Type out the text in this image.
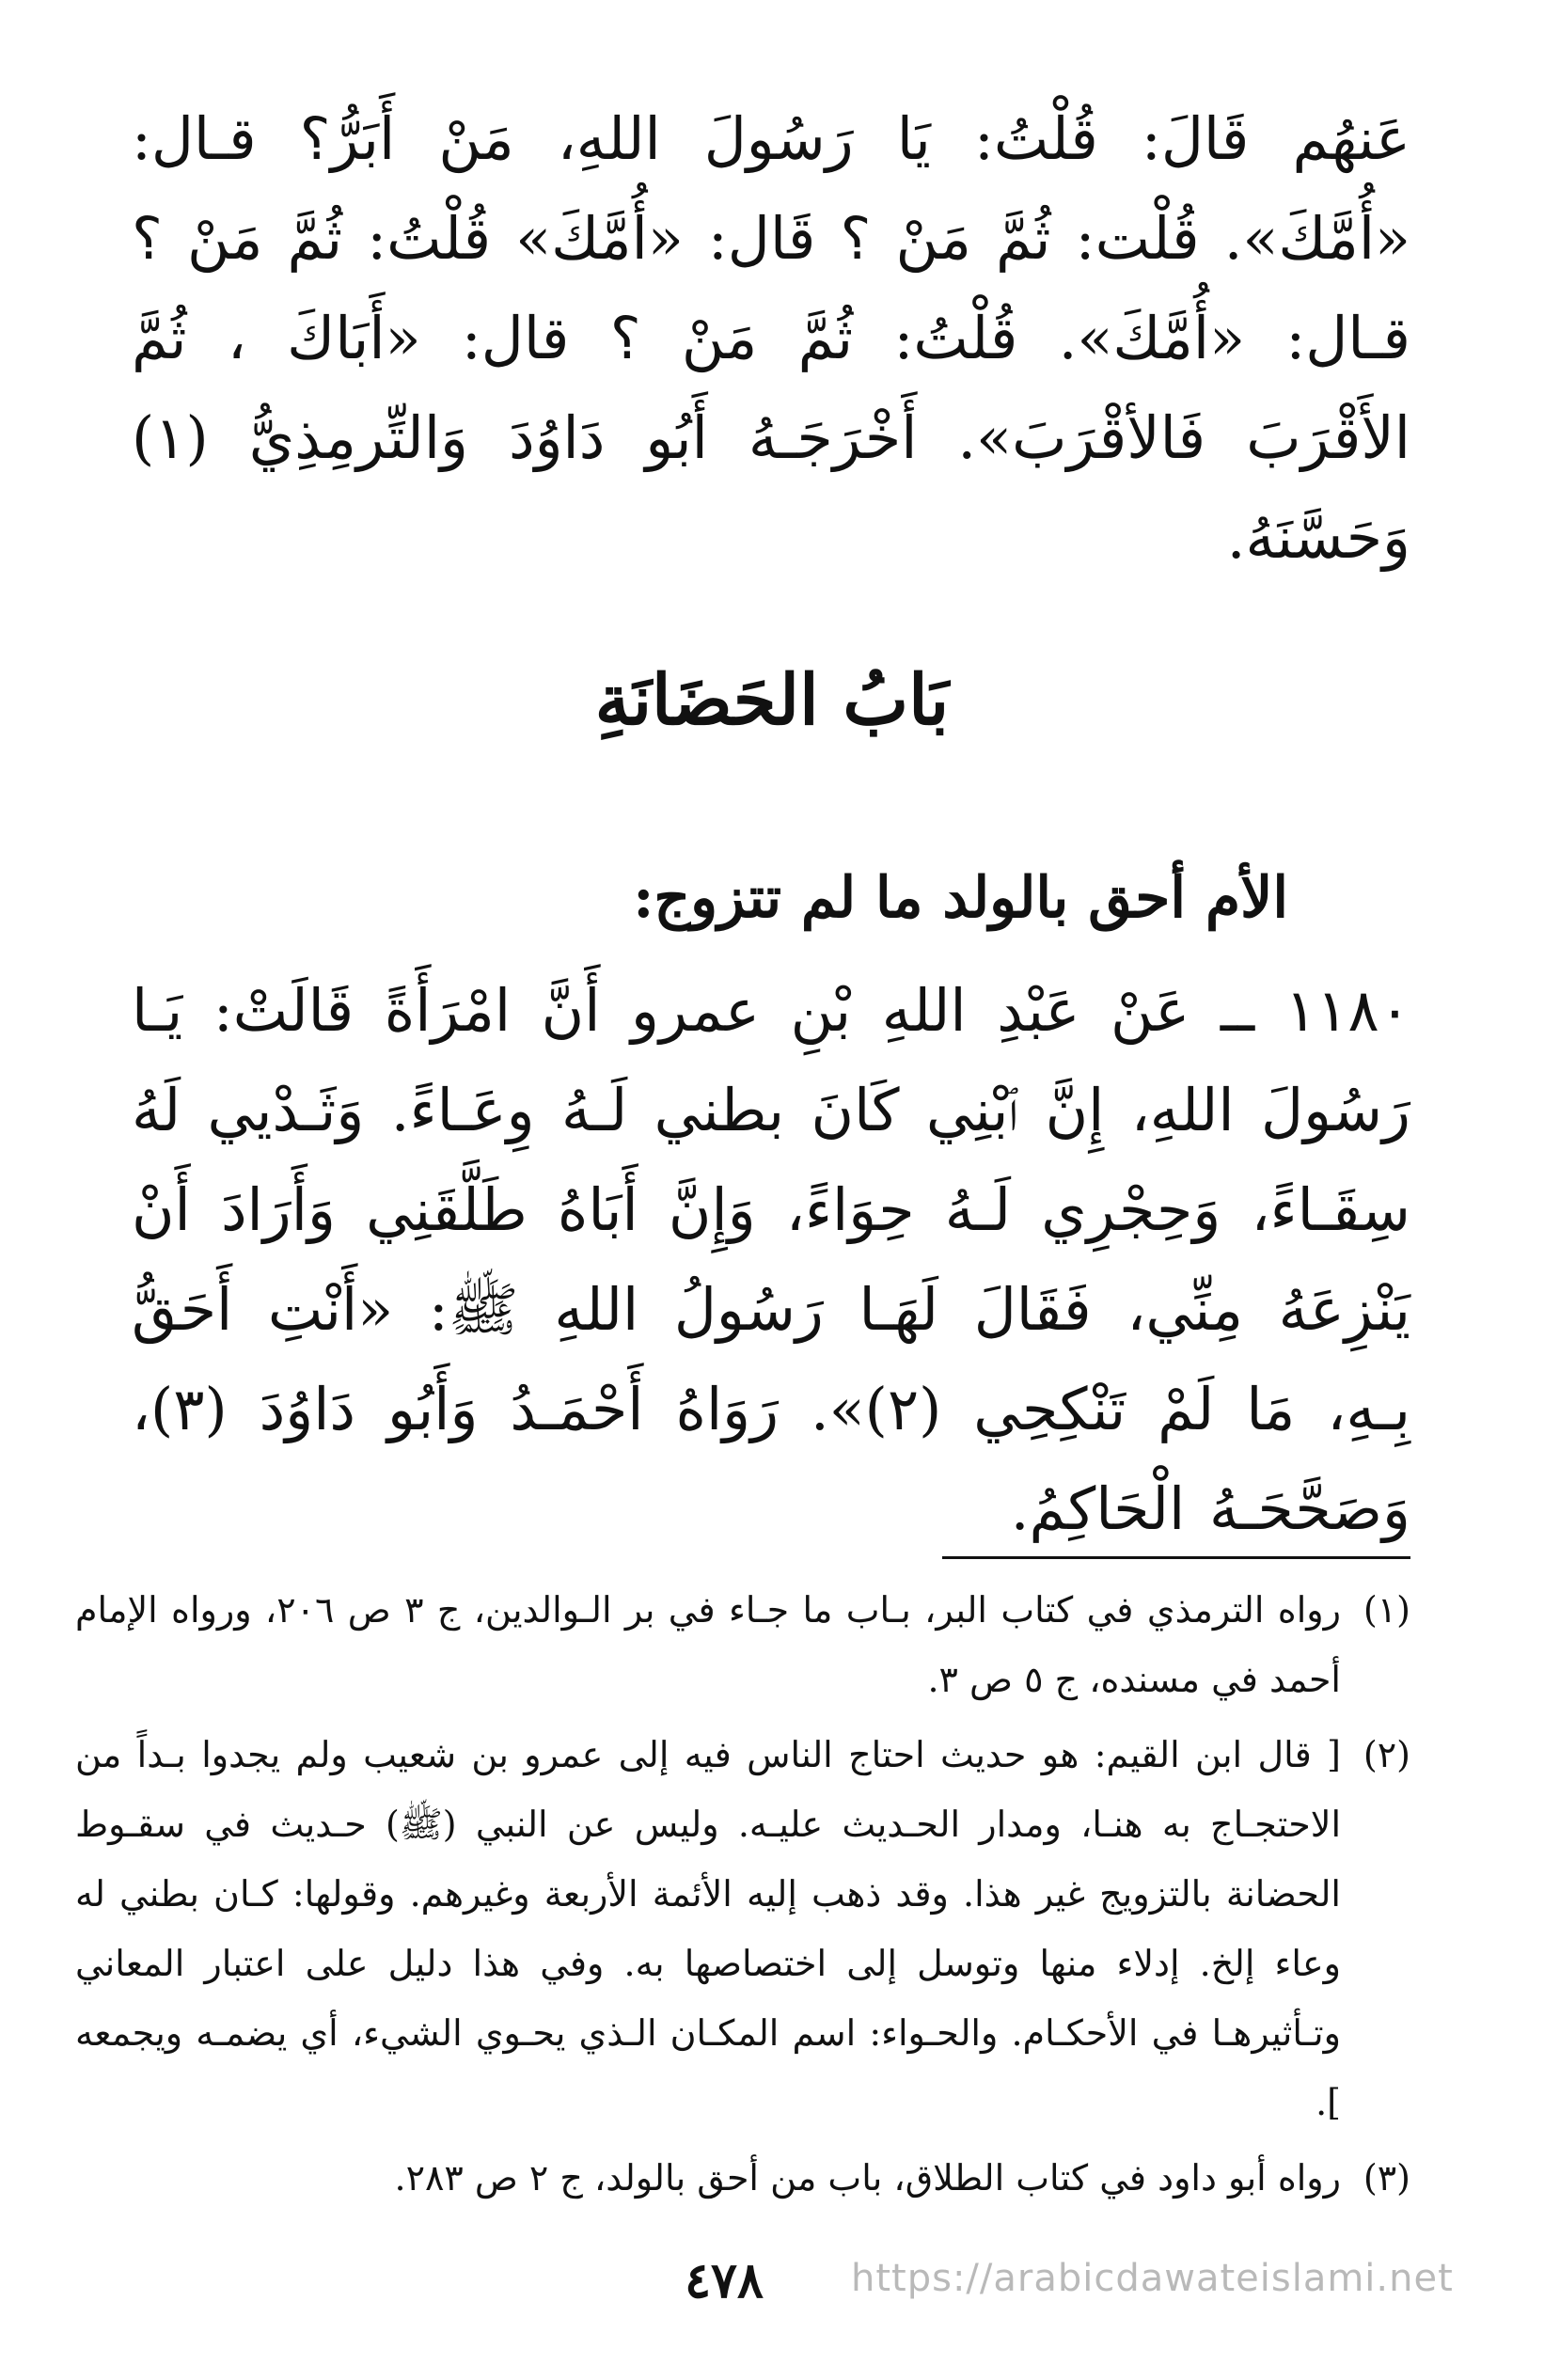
عَنهُم قَالَ: قُلْتُ: يَا رَسُولَ اللهِ، مَنْ أَبَرُّ؟ قـال: «أُمَّكَ». قُلْت: ثُمَّ مَنْ ؟ قَال: «أُمَّكَ» قُلْتُ: ثُمَّ مَنْ ؟ قـال: «أُمَّكَ». قُلْتُ: ثُمَّ مَنْ ؟ قال: «أَبَاكَ ، ثُمَّ الأَقْرَبَ فَالأقْرَبَ». أَخْرَجَـهُ أَبُو دَاوُدَ وَالتِّرمِذِيُّ (١) وَحَسَّنَهُ.
بَابُ الحَضَانَةِ
الأم أحق بالولد ما لم تتزوج:
١١٨٠ ــ عَنْ عَبْدِ اللهِ بْنِ عمرو أَنَّ امْرَأَةً قَالَتْ: يَـا رَسُولَ اللهِ، إِنَّ ٱبْنِي كَانَ بطني لَـهُ وِعَـاءً. وَثَـدْيي لَهُ سِقَـاءً، وَحِجْرِي لَـهُ حِوَاءً، وَإِنَّ أَبَاهُ طَلَّقَنِي وَأَرَادَ أَنْ يَنْزِعَهُ مِنِّي، فَقَالَ لَهَـا رَسُولُ اللهِ ﷺ: «أَنْتِ أَحَقُّ بِـهِ، مَا لَمْ تَنْكِحِي (٢)». رَوَاهُ أَحْمَـدُ وَأَبُو دَاوُدَ (٣)، وَصَحَّحَـهُ الْحَاكِمُ.
(١)
رواه الترمذي في كتاب البر، بـاب ما جـاء في بر الـوالدين، ج ٣ ص ٢٠٦، ورواه الإمام أحمد في مسنده، ج ٥ ص ٣.
(٢)
[ قال ابن القيم: هو حديث احتاج الناس فيه إلى عمرو بن شعيب ولم يجدوا بـداً من الاحتجـاج به هنـا، ومدار الحـديث عليـه. وليس عن النبي (ﷺ) حـديث في سقـوط الحضانة بالتزويج غير هذا. وقد ذهب إليه الأئمة الأربعة وغيرهم. وقولها: كـان بطني له وعاء إلخ. إدلاء منها وتوسل إلى اختصاصها به. وفي هذا دليل على اعتبار المعاني وتـأثيرهـا في الأحكـام. والحـواء: اسم المكـان الـذي يحـوي الشيء، أي يضمـه ويجمعه ].
(٣)
رواه أبو داود في كتاب الطلاق، باب من أحق بالولد، ج ٢ ص ٢٨٣.
٤٧٨	https://arabicdawateislami.net
